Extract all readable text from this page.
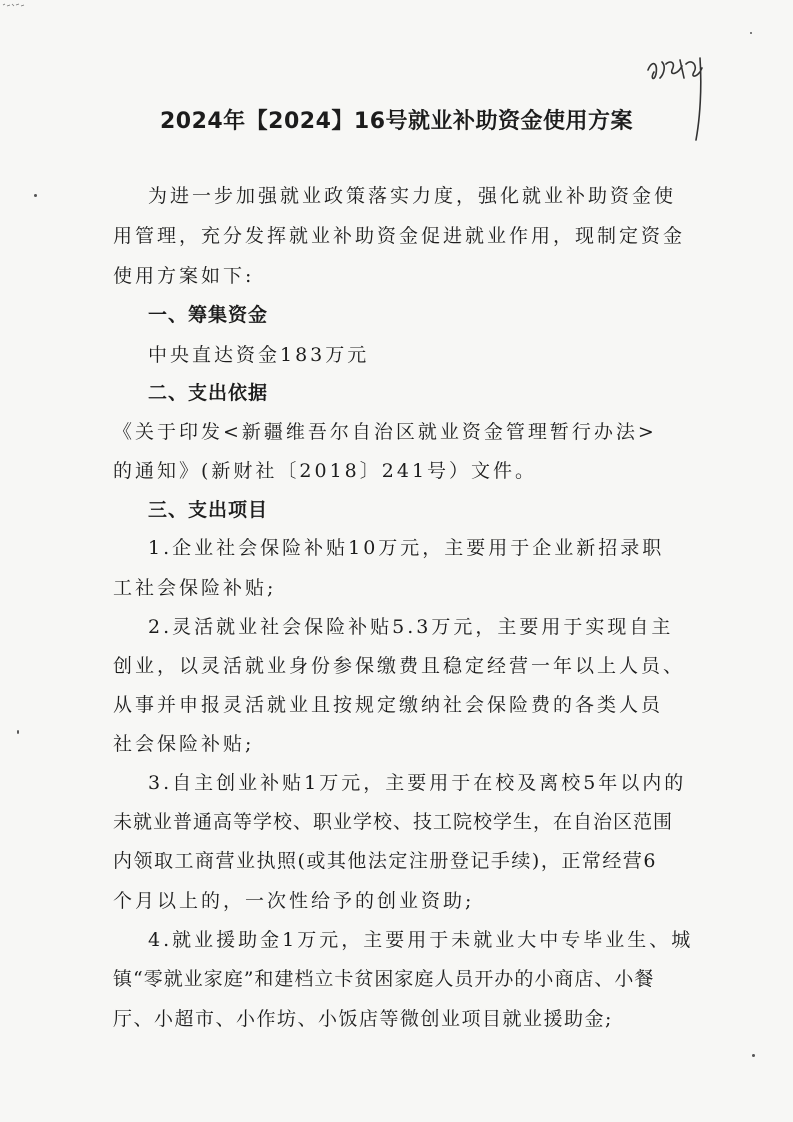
2024年【2024】16号就业补助资金使用方案
为进一步加强就业政策落实力度，强化就业补助资金使
用管理，充分发挥就业补助资金促进就业作用，现制定资金
使用方案如下:
一、筹集资金
中央直达资金183万元
二、支出依据
《关于印发<新疆维吾尔自治区就业资金管理暂行办法>
的通知》(新财社〔2018〕241号）文件。
三、支出项目
1.企业社会保险补贴10万元，主要用于企业新招录职
工社会保险补贴;
2.灵活就业社会保险补贴5.3万元，主要用于实现自主
创业，以灵活就业身份参保缴费且稳定经营一年以上人员、
从事并申报灵活就业且按规定缴纳社会保险费的各类人员
社会保险补贴;
3.自主创业补贴1万元，主要用于在校及离校5年以内的
未就业普通高等学校、职业学校、技工院校学生，在自治区范围
内领取工商营业执照(或其他法定注册登记手续)，正常经营6
个月以上的，一次性给予的创业资助;
4.就业援助金1万元，主要用于未就业大中专毕业生、城
镇“零就业家庭”和建档立卡贫困家庭人员开办的小商店、小餐
厅、小超市、小作坊、小饭店等微创业项目就业援助金;
